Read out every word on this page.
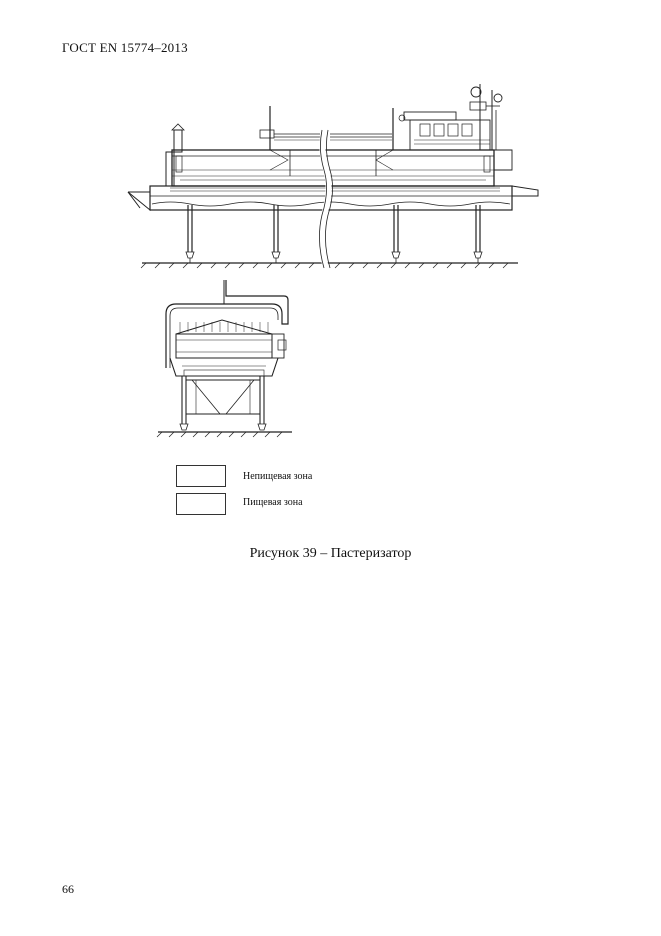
ГОСТ EN 15774–2013
Непищевая зона
Пищевая зона
Рисунок 39 – Пастеризатор
66
